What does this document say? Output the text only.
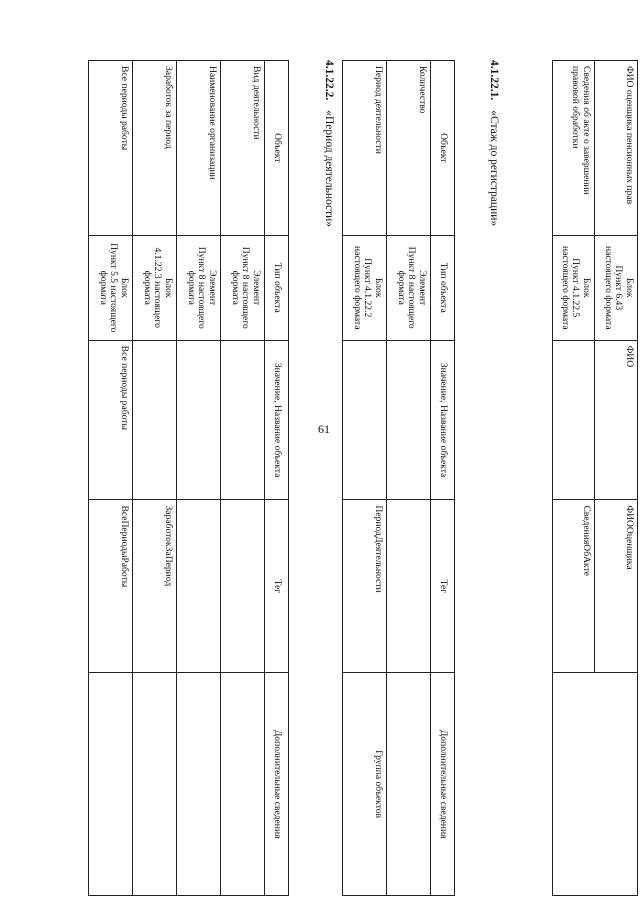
61
ФИО оценщика пенсионных прав	Блок
Пункт 6.43
настоящего формата	ФИО	ФИООценщика	
Сведения об акте о завершении правовой обработки	Блок
Пункт 4.1.22.5
настоящего формата		СведенияОбАкте	
4.1.22.1.«Стаж до регистрации»
Объект	Тип объекта	Значение, Название объекта	Тег	Дополнительные сведения
Количество	Элемент
Пункт 8 настоящего
формата			

Период деятельности	Блок
Пункт 4.1.22.2
настоящего формата		ПериодДеятельности	Группа объектов
4.1.22.2.«Период деятельности»
Объект	Тип объекта	Значение, Название объекта	Тег	Дополнительные сведения
Вид деятельности	Элемент
Пункт 8 настоящего
формата			

Наименование организации	Элемент
Пункт 8 настоящего
формата			

Заработок за период	Блок
4.1.22.3 настоящего
формата		ЗаработокЗаПериод	
Все периоды работы	Блок
Пункт 5.5 настоящего
формата	Все периоды работы	ВсеПериодыРаботы	
